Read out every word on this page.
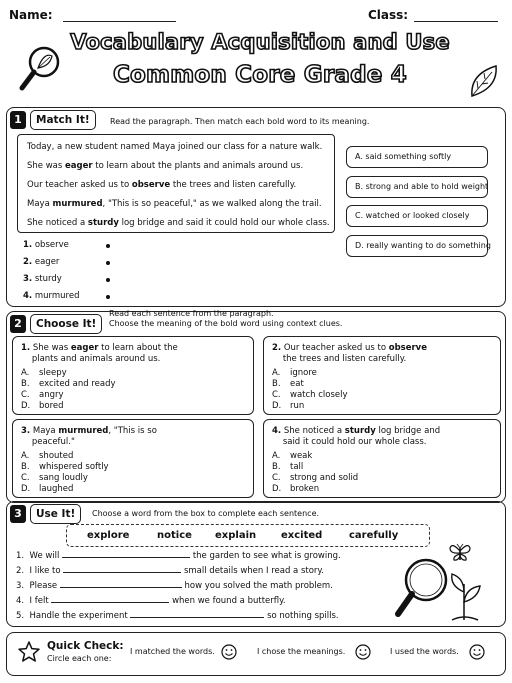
Name:	Class:
Vocabulary Acquisition and Use
Common Core Grade 4
1	Match It!	Read the paragraph. Then match each bold word to its meaning.

Today, a new student named Maya joined our class for a nature walk.

She was eager to learn about the plants and animals around us.

Our teacher asked us to observe the trees and listen carefully.

Maya murmured, "This is so peaceful," as we walked along the trail.

She noticed a sturdy log bridge and said it could hold our whole class.

A. said something softly
B. strong and able to hold weight
C. watched or looked closely
D. really wanting to do something
1. observe
2. eager
3. sturdy
4. murmured
2	Choose It!
Read each sentence from the paragraph.
Choose the meaning of the bold word using context clues.
1. She was eager to learn about the
plants and animals around us.
A. sleepy
B. excited and ready
C. angry
D. bored
2. Our teacher asked us to observe
the trees and listen carefully.
A. ignore
B. eat
C. watch closely
D. run
3. Maya murmured, "This is so
peaceful."
A. shouted
B. whispered softly
C. sang loudly
D. laughed
4. She noticed a sturdy log bridge and
said it could hold our whole class.
A. weak
B. tall
C. strong and solid
D. broken
3	Use It!	Choose a word from the box to complete each sentence.
explore	notice explain excited	carefully
1. We will	the garden to see what is growing.
2. I like to	small details when I read a story.
3. Please	how you solved the math problem.
4. I felt	when we found a butterfly.
5. Handle the experiment	so nothing spills.
Quick Check:
Circle each one:
I matched the words.	I chose the meanings.	I used the words.
